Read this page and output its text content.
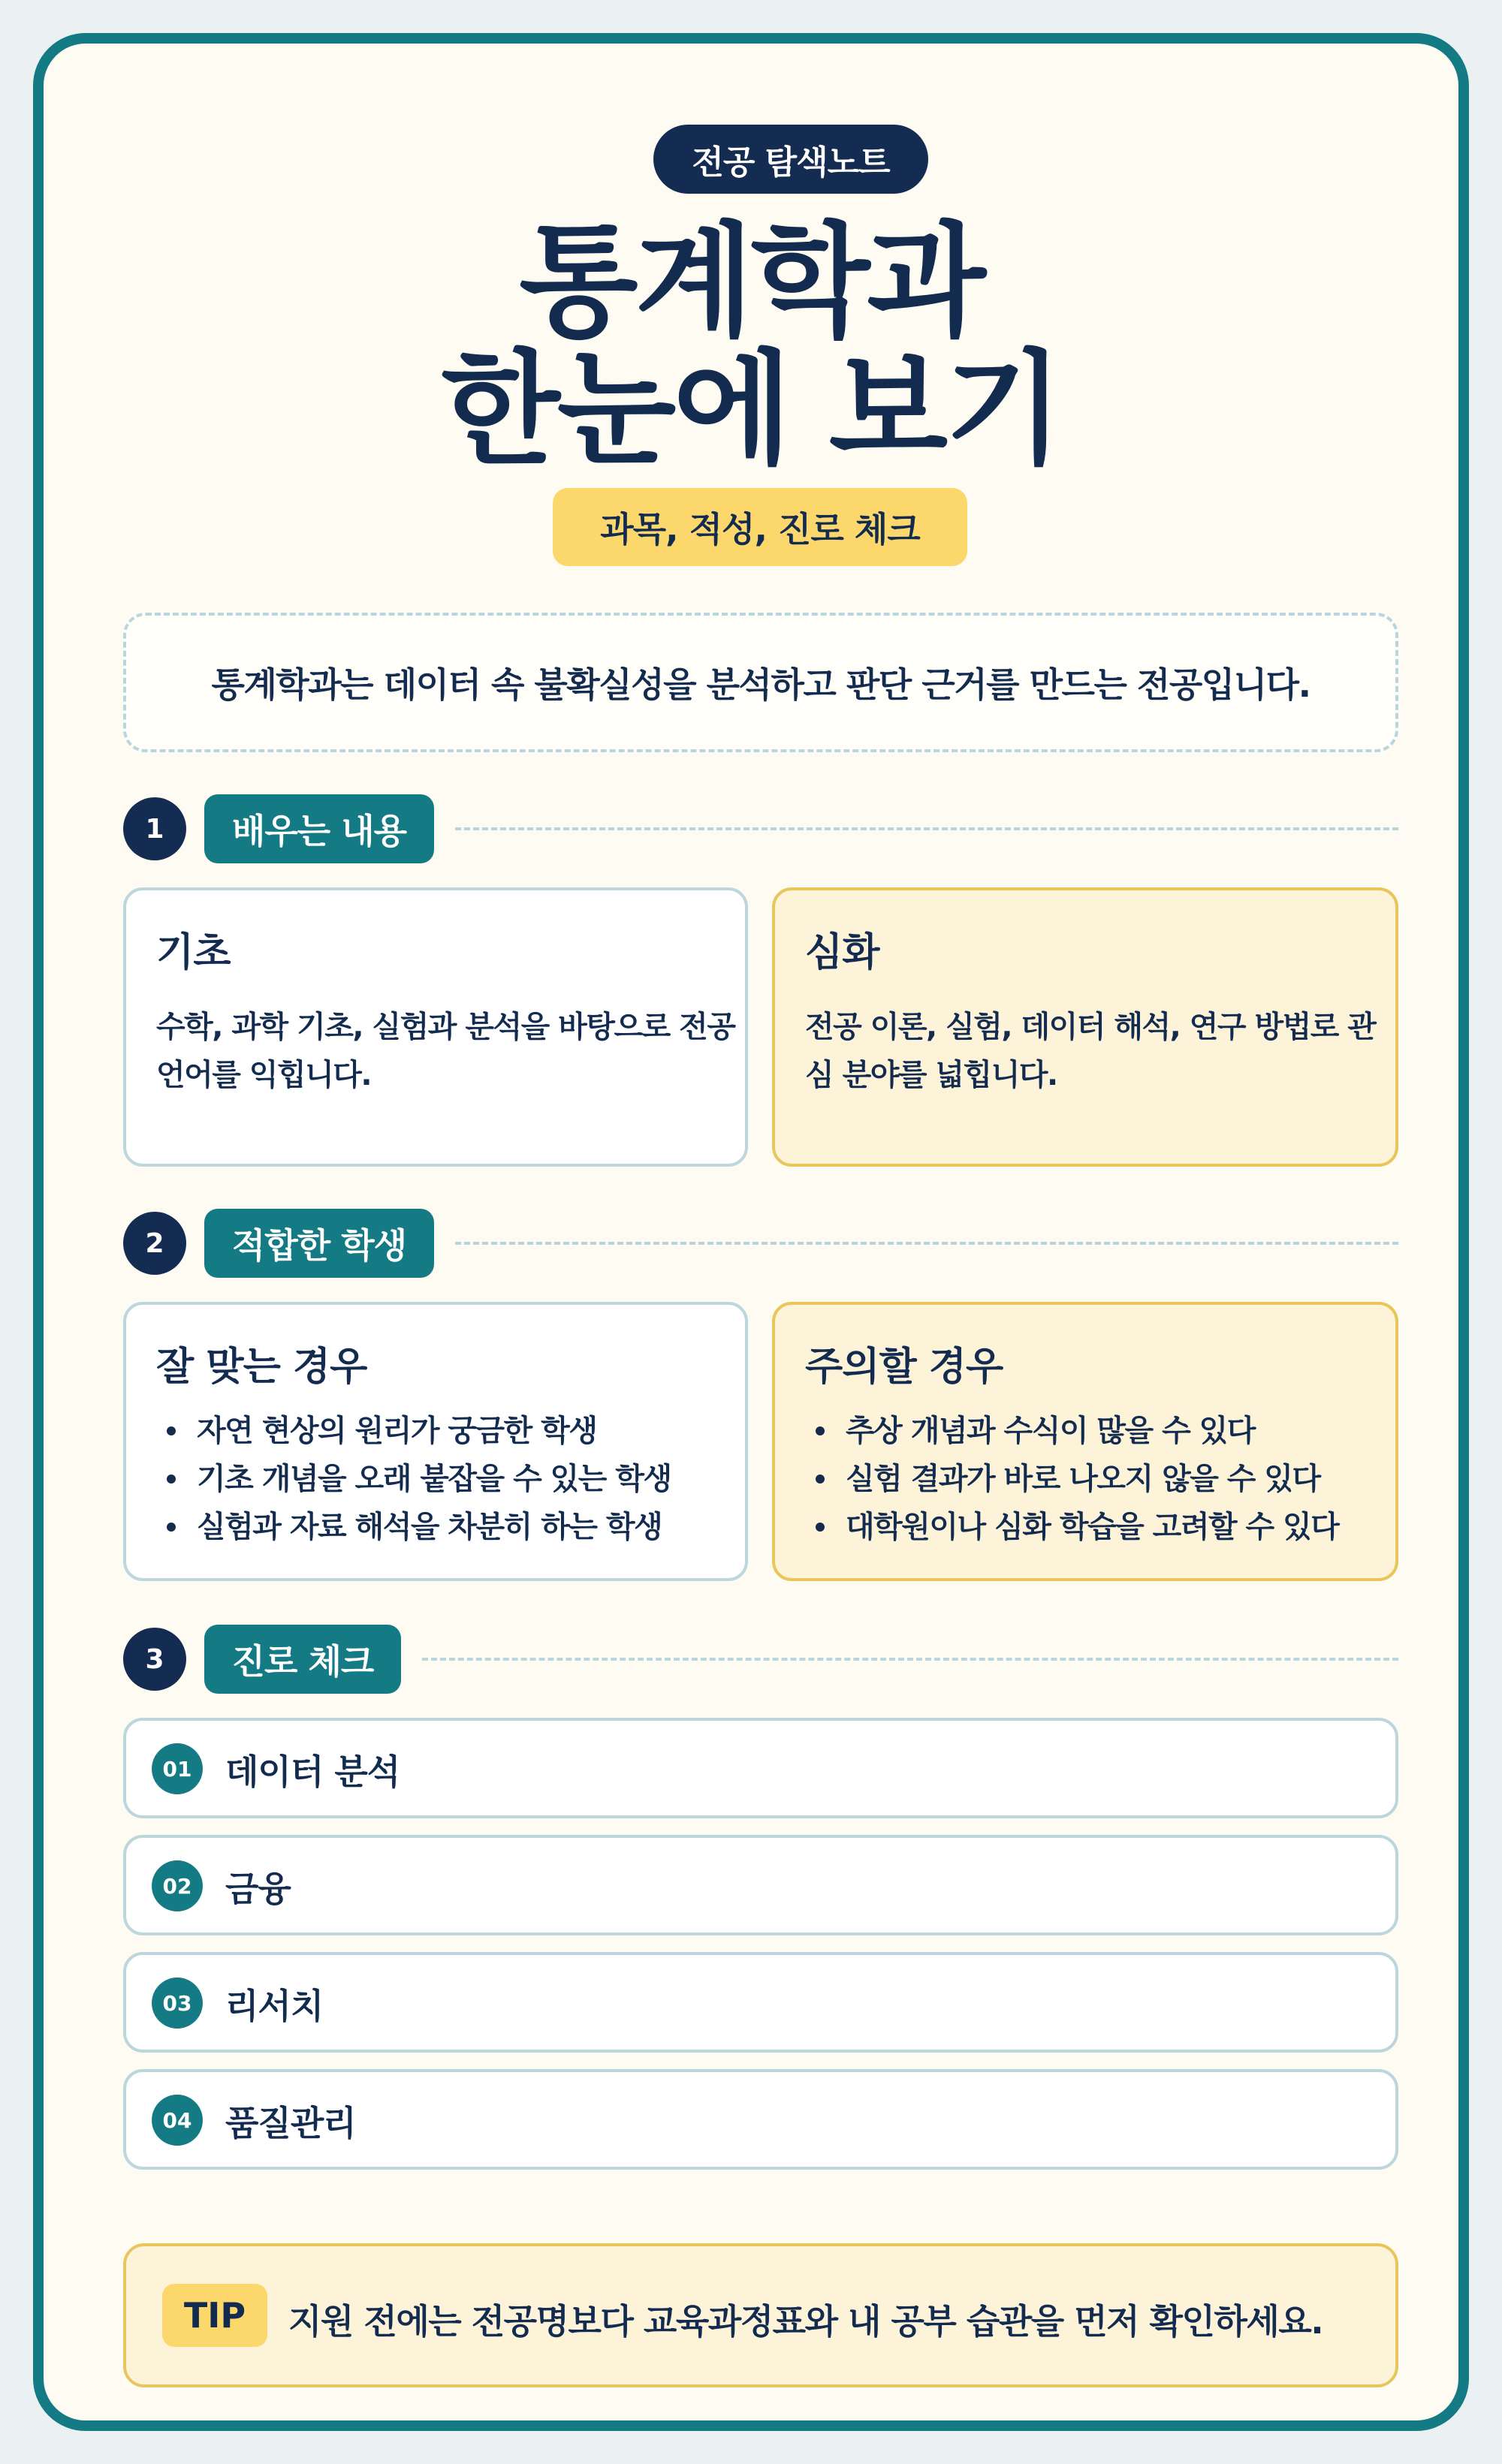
전공 탐색노트
통계학과
한눈에 보기
과목, 적성, 진로 체크
통계학과는 데이터 속 불확실성을 분석하고 판단 근거를 만드는 전공입니다.
1	배우는 내용
기초

수학, 과학 기초, 실험과 분석을 바탕으로 전공 언어를 익힙니다.

심화

전공 이론, 실험, 데이터 해석, 연구 방법로 관심 분야를 넓힙니다.

2	적합한 학생
잘 맞는 경우
자연 현상의 원리가 궁금한 학생
기초 개념을 오래 붙잡을 수 있는 학생
실험과 자료 해석을 차분히 하는 학생
주의할 경우
추상 개념과 수식이 많을 수 있다
실험 결과가 바로 나오지 않을 수 있다
대학원이나 심화 학습을 고려할 수 있다
3	진로 체크
01 데이터 분석
02 금융
03 리서치
04 품질관리
TIP	지원 전에는 전공명보다 교육과정표와 내 공부 습관을 먼저 확인하세요.
